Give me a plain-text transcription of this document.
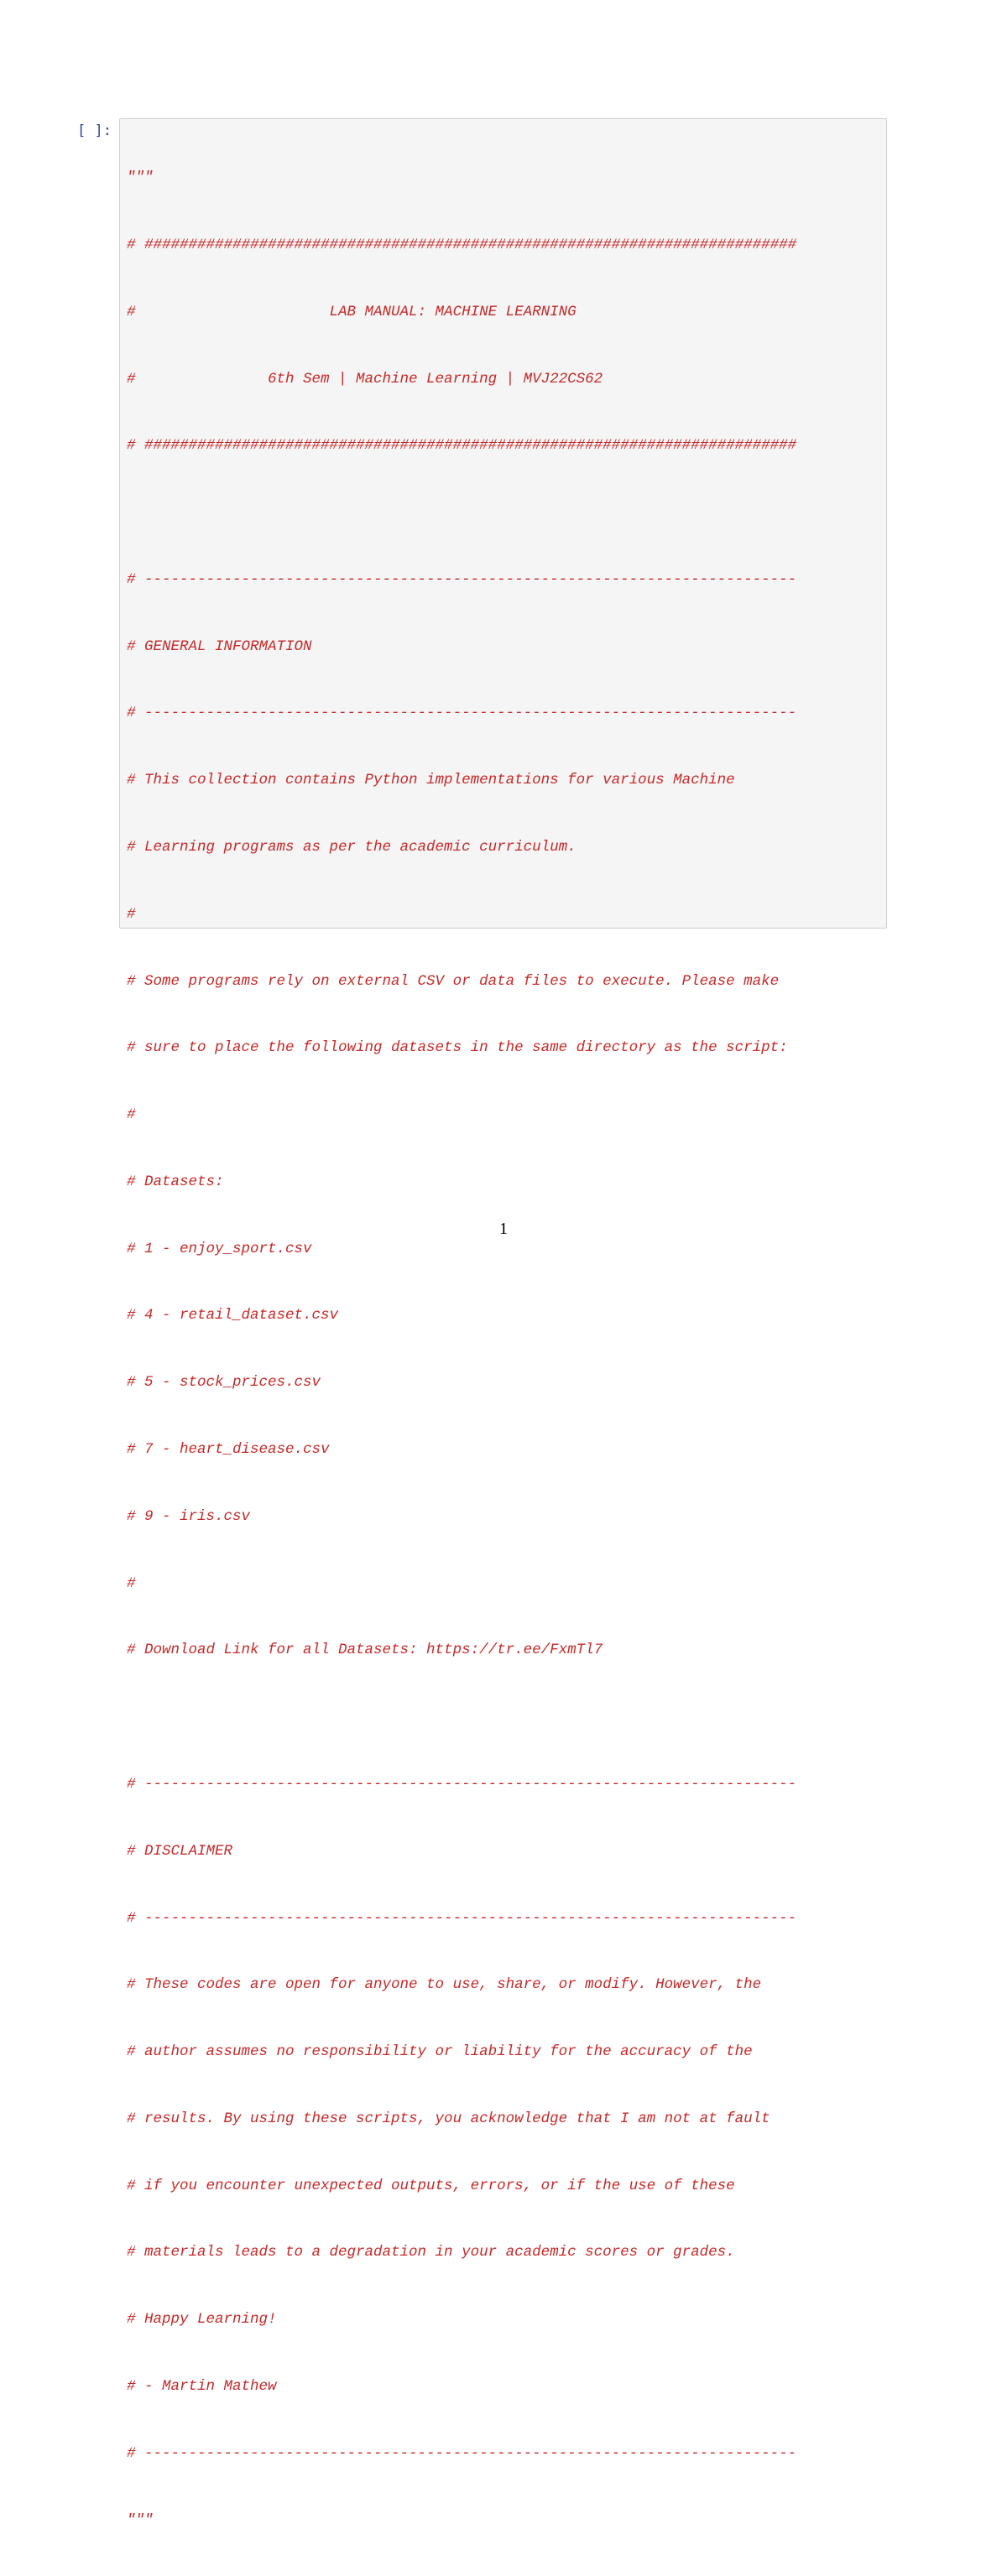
[ ]:

"""

# ##########################################################################

#                      LAB MANUAL: MACHINE LEARNING

#               6th Sem | Machine Learning | MVJ22CS62

# ##########################################################################

# --------------------------------------------------------------------------

# GENERAL INFORMATION

# --------------------------------------------------------------------------

# This collection contains Python implementations for various Machine

# Learning programs as per the academic curriculum.

#

# Some programs rely on external CSV or data files to execute. Please make

# sure to place the following datasets in the same directory as the script:

#

# Datasets:

# 1 - enjoy_sport.csv

# 4 - retail_dataset.csv

# 5 - stock_prices.csv

# 7 - heart_disease.csv

# 9 - iris.csv

#

# Download Link for all Datasets: https://tr.ee/FxmTl7

# --------------------------------------------------------------------------

# DISCLAIMER

# --------------------------------------------------------------------------

# These codes are open for anyone to use, share, or modify. However, the

# author assumes no responsibility or liability for the accuracy of the

# results. By using these scripts, you acknowledge that I am not at fault

# if you encounter unexpected outputs, errors, or if the use of these

# materials leads to a degradation in your academic scores or grades.

# Happy Learning!

# - Martin Mathew

# --------------------------------------------------------------------------

"""

1
